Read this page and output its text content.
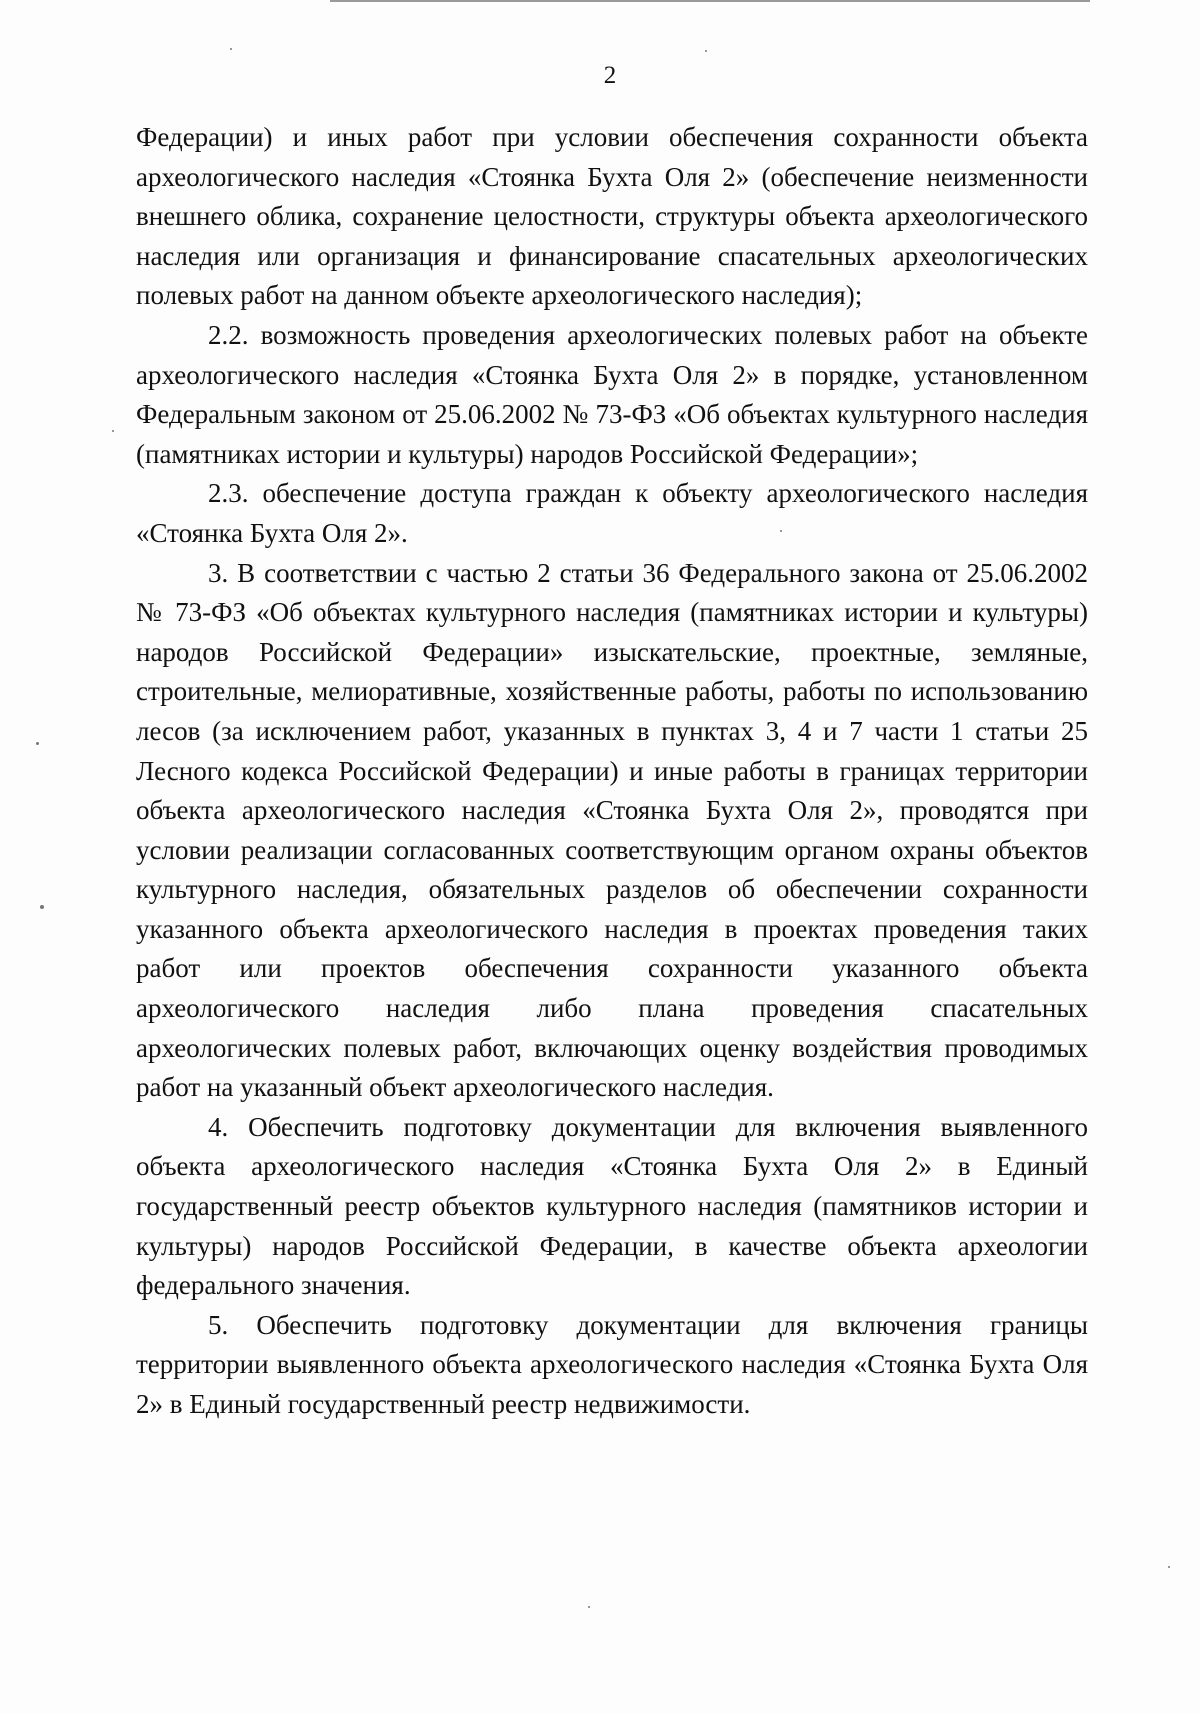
2

Федерации) и иных работ при условии обеспечения сохранности объекта археологического наследия «Стоянка Бухта Оля 2» (обеспечение неизменности внешнего облика, сохранение целостности, структуры объекта археологического наследия или организация и финансирование спасательных археологических полевых работ на данном объекте археологического наследия);

2.2. возможность проведения археологических полевых работ на объекте археологического наследия «Стоянка Бухта Оля 2» в порядке, установленном Федеральным законом от 25.06.2002 № 73-ФЗ «Об объектах культурного наследия (памятниках истории и культуры) народов Российской Федерации»;

2.3. обеспечение доступа граждан к объекту археологического наследия «Стоянка Бухта Оля 2».

3. В соответствии с частью 2 статьи 36 Федерального закона от 25.06.2002 № 73-ФЗ «Об объектах культурного наследия (памятниках истории и культуры) народов Российской Федерации» изыскательские, проектные, земляные, строительные, мелиоративные, хозяйственные работы, работы по использованию лесов (за исключением работ, указанных в пунктах 3, 4 и 7 части 1 статьи 25 Лесного кодекса Российской Федерации) и иные работы в границах территории объекта археологического наследия «Стоянка Бухта Оля 2», проводятся при условии реализации согласованных соответствующим органом охраны объектов культурного наследия, обязательных разделов об обеспечении сохранности указанного объекта археологического наследия в проектах проведения таких работ или проектов обеспечения сохранности указанного объекта археологического наследия либо плана проведения спасательных археологических полевых работ, включающих оценку воздействия проводимых работ на указанный объект археологического наследия.

4. Обеспечить подготовку документации для включения выявленного объекта археологического наследия «Стоянка Бухта Оля 2» в Единый государственный реестр объектов культурного наследия (памятников истории и культуры) народов Российской Федерации, в качестве объекта археологии федерального значения.

5. Обеспечить подготовку документации для включения границы территории выявленного объекта археологического наследия «Стоянка Бухта Оля 2» в Единый государственный реестр недвижимости.
